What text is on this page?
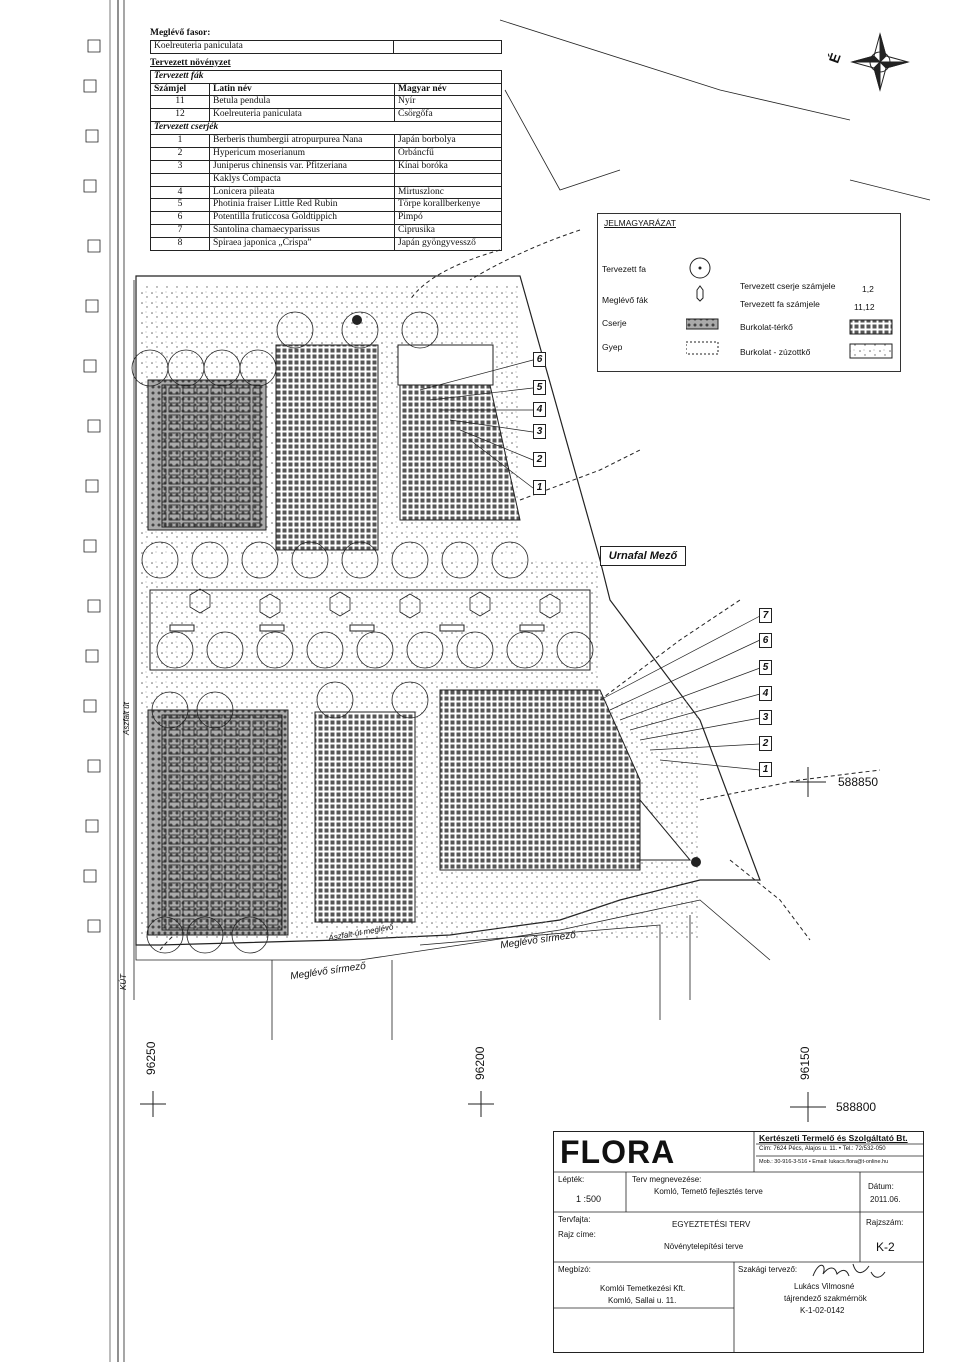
Meglévő fasor:
Koelreuteria paniculata	
Tervezett növényzet
Tervezett fák		
Számjel	Latin név	Magyar név
11	Betula pendula	Nyír
12	Koelreuteria paniculata	Csörgőfa
Tervezett cserjék		
1	Berberis thumbergii atropurpurea Nana	Japán borbolya
2	Hypericum moserianum	Orbáncfű
3	Juniperus chinensis var. Pfitzeriana	Kínai boróka
	Kaklys Compacta	
4	Lonicera pileata	Mirtuszlonc
5	Photinia fraiser Little Red Rubin	Törpe korallberkenye
6	Potentilla fruticcosa Goldtippich	Pimpó
7	Santolina chamaecyparissus	Ciprusika
8	Spiraea japonica „Crispa”	Japán gyöngyvessző
JELMAGYARÁZAT
Tervezett fa
Meglévő fák
Cserje
Gyep
Tervezett cserje számjele	1,2
Tervezett fa számjele	11,12
Burkolat-térkő
Burkolat - zúzottkő
6
5
4
3
2
1
7
6
5
4
3
2
1
Urnafal Mező
Meglévő sírmező
Meglévő sírmező
Aszfalt út
Aszfalt-út meglévő
KÚT
588850
588800
96250	96200	96150
É
FLORA	Kertészeti Termelő és Szolgáltató Bt.
Cím: 7624 Pécs, Alajos u. 11. • Tel.: 72/532-050
Mob.: 30-916-3-516 • Email: lukacs.flora@t-online.hu
Lépték:
1 :500
Terv megnevezése:
Komló, Temető fejlesztés terve
Dátum:
2011.06.
Tervfajta:
EGYEZTETÉSI TERV	Rajzszám:
K-2
Rajz címe:
Növénytelepítési terve
Megbízó:
Komlói Temetkezési Kft.
Komló, Sallai u. 11.
Szakági tervező:
Lukács Vilmosné
tájrendező szakmérnök
K-1-02-0142
